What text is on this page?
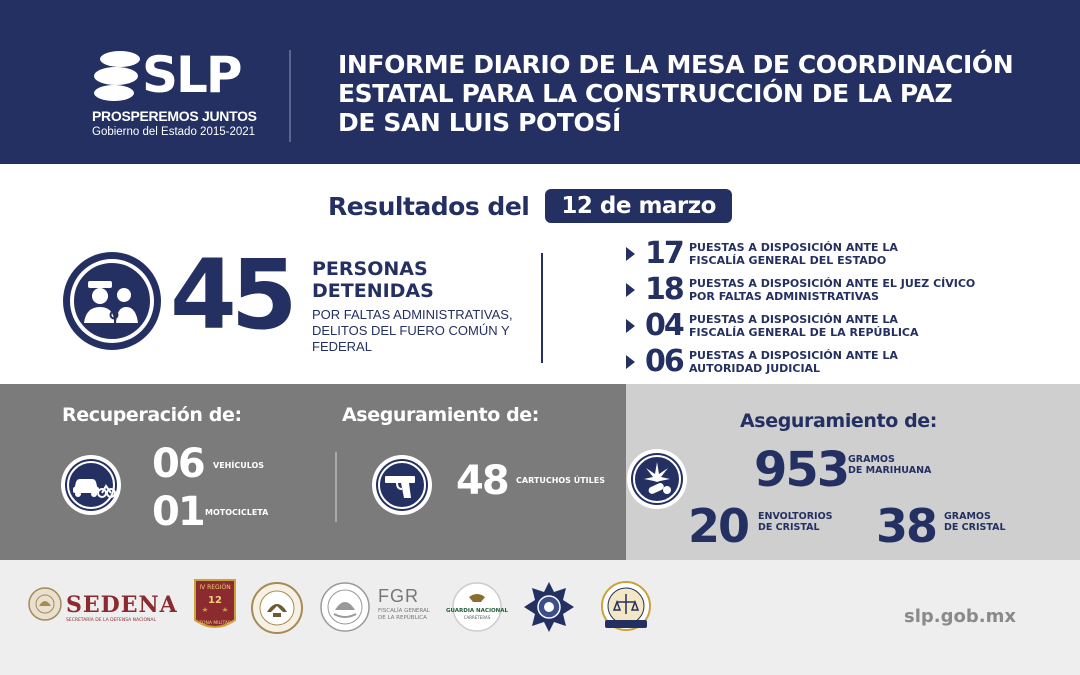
SLP
PROSPEREMOS JUNTOS
Gobierno del Estado 2015-2021
INFORME DIARIO DE LA MESA DE COORDINACIÓN
ESTATAL PARA LA CONSTRUCCIÓN DE LA PAZ
DE SAN LUIS POTOSÍ
Resultados del	12 de marzo
45 PERSONAS
DETENIDAS
POR FALTAS ADMINISTRATIVAS, DELITOS DEL FUERO COMÚN Y FEDERAL
17 PUESTAS A DISPOSICIÓN ANTE LA
FISCALÍA GENERAL DEL ESTADO
18 PUESTAS A DISPOSICIÓN ANTE EL JUEZ CÍVICO
POR FALTAS ADMINISTRATIVAS
04 PUESTAS A DISPOSICIÓN ANTE LA
FISCALÍA GENERAL DE LA REPÚBLICA
06 PUESTAS A DISPOSICIÓN ANTE LA
AUTORIDAD JUDICIAL
Recuperación de:
06 VEHÍCULOS
01 MOTOCICLETA
Aseguramiento de:
48 CARTUCHOS ÚTILES
Aseguramiento de:
953 GRAMOS
DE MARIHUANA
20 ENVOLTORIOS
DE CRISTAL 38 GRAMOS
DE CRISTAL
SEDENA
SECRETARÍA DE LA DEFENSA NACIONAL
IV REGIÓN
12
ZONA MILITAR
FGR
FISCALÍA GENERAL DE LA REPÚBLICA
GUARDIA NACIONAL
CARRETERAS	slp.gob.mx
